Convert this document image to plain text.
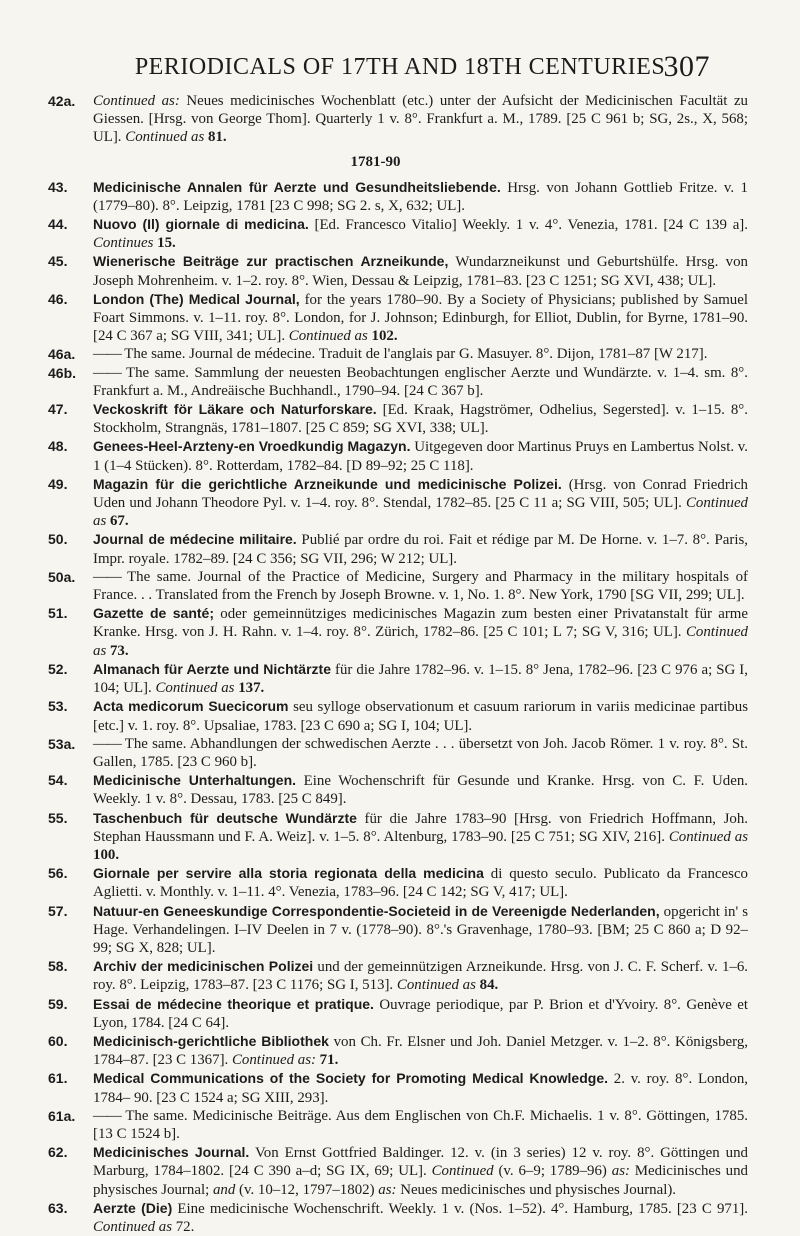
PERIODICALS OF 17TH AND 18TH CENTURIES
307

42a.	Continued as: Neues medicinisches Wochenblatt (etc.) unter der Aufsicht der Medicinischen Facultät zu Giessen. [Hrsg. von George Thom]. Quarterly 1 v. 8°. Frankfurt a. M., 1789. [25 C 961 b; SG, 2s., X, 568; UL]. Continued as 81.

1781-90

43.	Medicinische Annalen für Aerzte und Gesundheitsliebende. Hrsg. von Johann Gottlieb Fritze. v. 1 (1779–80). 8°. Leipzig, 1781 [23 C 998; SG 2. s, X, 632; UL].

44.	Nuovo (Il) giornale di medicina. [Ed. Francesco Vitalio] Weekly. 1 v. 4°. Venezia, 1781. [24 C 139 a]. Continues 15.

45.	Wienerische Beiträge zur practischen Arzneikunde, Wundarzneikunst und Geburtshülfe. Hrsg. von Joseph Mohrenheim. v. 1–2. roy. 8°. Wien, Dessau & Leipzig, 1781–83. [23 C 1251; SG XVI, 438; UL].

46.	London (The) Medical Journal, for the years 1780–90. By a Society of Physicians; published by Samuel Foart Simmons. v. 1–11. roy. 8°. London, for J. Johnson; Edinburgh, for Elliot, Dublin, for Byrne, 1781–90. [24 C 367 a; SG VIII, 341; UL]. Continued as 102.

46a.	—— The same. Journal de médecine. Traduit de l'anglais par G. Masuyer. 8°. Dijon, 1781–87 [W 217].

46b.	—— The same. Sammlung der neuesten Beobachtungen englischer Aerzte und Wundärzte. v. 1–4. sm. 8°. Frankfurt a. M., Andreäische Buchhandl., 1790–94. [24 C 367 b].

47.	Veckoskrift för Läkare och Naturforskare. [Ed. Kraak, Hagströmer, Odhelius, Segersted]. v. 1–15. 8°. Stockholm, Strangnäs, 1781–1807. [25 C 859; SG XVI, 338; UL].

48.	Genees-Heel-Arzteny-en Vroedkundig Magazyn. Uitgegeven door Martinus Pruys en Lambertus Nolst. v. 1 (1–4 Stücken). 8°. Rotterdam, 1782–84. [D 89–92; 25 C 118].

49.	Magazin für die gerichtliche Arzneikunde und medicinische Polizei. (Hrsg. von Conrad Friedrich Uden und Johann Theodore Pyl. v. 1–4. roy. 8°. Stendal, 1782–85. [25 C 11 a; SG VIII, 505; UL]. Continued as 67.

50.	Journal de médecine militaire. Publié par ordre du roi. Fait et rédige par M. De Horne. v. 1–7. 8°. Paris, Impr. royale. 1782–89. [24 C 356; SG VII, 296; W 212; UL].

50a.	—— The same. Journal of the Practice of Medicine, Surgery and Pharmacy in the military hospitals of France. . . Translated from the French by Joseph Browne. v. 1, No. 1. 8°. New York, 1790 [SG VII, 299; UL].

51.	Gazette de santé; oder gemeinnütziges medicinisches Magazin zum besten einer Privatanstalt für arme Kranke. Hrsg. von J. H. Rahn. v. 1–4. roy. 8°. Zürich, 1782–86. [25 C 101; L 7; SG V, 316; UL]. Continued as 73.

52.	Almanach für Aerzte und Nichtärzte für die Jahre 1782–96. v. 1–15. 8° Jena, 1782–96. [23 C 976 a; SG I, 104; UL]. Continued as 137.

53.	Acta medicorum Suecicorum seu sylloge observationum et casuum rariorum in variis medicinae partibus [etc.] v. 1. roy. 8°. Upsaliae, 1783. [23 C 690 a; SG I, 104; UL].

53a.	—— The same. Abhandlungen der schwedischen Aerzte . . . übersetzt von Joh. Jacob Römer. 1 v. roy. 8°. St. Gallen, 1785. [23 C 960 b].

54.	Medicinische Unterhaltungen. Eine Wochenschrift für Gesunde und Kranke. Hrsg. von C. F. Uden. Weekly. 1 v. 8°. Dessau, 1783. [25 C 849].

55.	Taschenbuch für deutsche Wundärzte für die Jahre 1783–90 [Hrsg. von Friedrich Hoffmann, Joh. Stephan Haussmann und F. A. Weiz]. v. 1–5. 8°. Altenburg, 1783–90. [25 C 751; SG XIV, 216]. Continued as 100.

56.	Giornale per servire alla storia regionata della medicina di questo seculo. Publicato da Francesco Aglietti. v. Monthly. v. 1–11. 4°. Venezia, 1783–96. [24 C 142; SG V, 417; UL].

57.	Natuur-en Geneeskundige Correspondentie-Societeid in de Vereenigde Nederlanden, opgericht in' s Hage. Verhandelingen. I–IV Deelen in 7 v. (1778–90). 8°.'s Gravenhage, 1780–93. [BM; 25 C 860 a; D 92–99; SG X, 828; UL].

58.	Archiv der medicinischen Polizei und der gemeinnützigen Arzneikunde. Hrsg. von J. C. F. Scherf. v. 1–6. roy. 8°. Leipzig, 1783–87. [23 C 1176; SG I, 513]. Continued as 84.

59.	Essai de médecine theorique et pratique. Ouvrage periodique, par P. Brion et d'Yvoiry. 8°. Genève et Lyon, 1784. [24 C 64].

60.	Medicinisch-gerichtliche Bibliothek von Ch. Fr. Elsner und Joh. Daniel Metzger. v. 1–2. 8°. Königsberg, 1784–87. [23 C 1367]. Continued as: 71.

61.	Medical Communications of the Society for Promoting Medical Knowledge. 2. v. roy. 8°. London, 1784– 90. [23 C 1524 a; SG XIII, 293].

61a.	—— The same. Medicinische Beiträge. Aus dem Englischen von Ch.F. Michaelis. 1 v. 8°. Göttingen, 1785. [13 C 1524 b].

62.	Medicinisches Journal. Von Ernst Gottfried Baldinger. 12. v. (in 3 series) 12 v. roy. 8°. Göttingen und Marburg, 1784–1802. [24 C 390 a–d; SG IX, 69; UL]. Continued (v. 6–9; 1789–96) as: Medicinisches und physisches Journal; and (v. 10–12, 1797–1802) as: Neues medicinisches und physisches Journal).

63.	Aerzte (Die) Eine medicinische Wochenschrift. Weekly. 1 v. (Nos. 1–52). 4°. Hamburg, 1785. [23 C 971]. Continued as 72.
